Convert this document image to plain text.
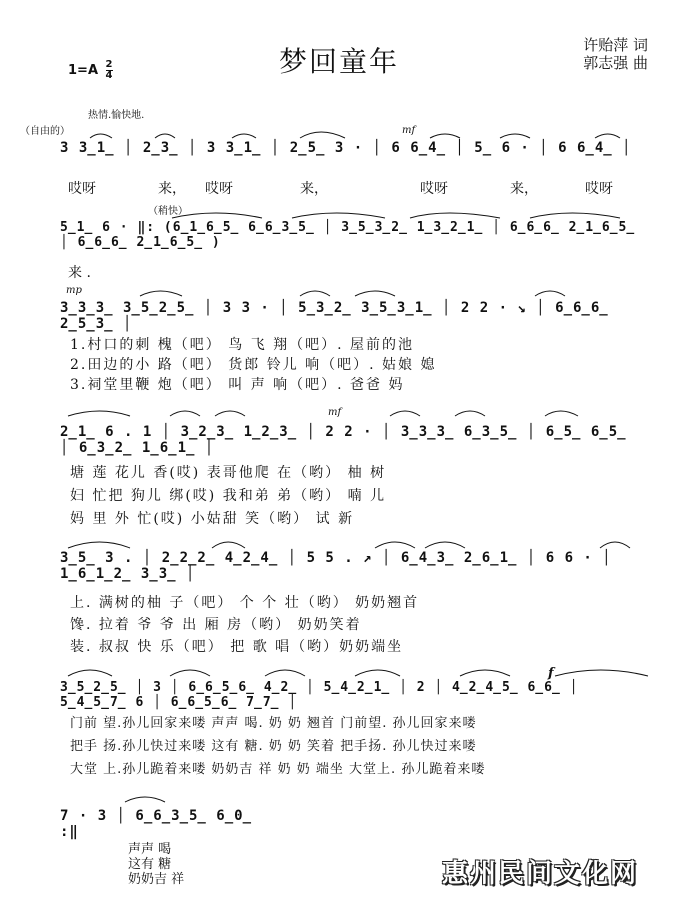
梦回童年	许贻萍 词
郭志强 曲
$1=A \frac{2}{4}$
热情.愉快地.
（自由的）	mf
mp
mf
f
（稍快）
3 3̲1̲ │ 2̲3̲ │ 3 3̲1̲ │ 2̲5̲ 3 · │ 6 6̲4̲ │ 5̲ 6 · │ 6 6̲4̲ │
哎呀	来， 哎呀	来，	哎呀	来，	哎呀
5̲1̲ 6 · ‖: (6̲1̲6̲5̲ 6̲6̲3̲5̲ │ 3̲5̲3̲2̲ 1̲3̲2̲1̲ │ 6̲6̲6̲ 2̲1̲6̲5̲ │ 6̲6̲6̲ 2̲1̲6̲5̲ )
来 .
3̲3̲3̲ 3̲5̲2̲5̲ │ 3 3 · │ 5̲3̲2̲ 3̲5̲3̲1̲ │ 2 2 · ↘ │ 6̲6̲6̲ 2̲5̲3̲ │
1.村口的刺 槐（吧） 鸟 飞 翔（吧）. 屋前的池
2.田边的小 路（吧） 货郎 铃儿 响（吧）. 姑娘 媳
3.祠堂里鞭 炮（吧） 叫 声 响（吧）. 爸爸 妈
2̲1̲ 6 . 1 │ 3̲2̲3̲ 1̲2̲3̲ │ 2 2 · │ 3̲3̲3̲ 6̲3̲5̲ │ 6̲5̲ 6̲5̲ │ 6̲3̲2̲ 1̲6̲1̲ │
塘 莲 花儿 香(哎) 表哥他爬 在（哟） 柚 树
妇 忙把 狗儿 绑(哎) 我和弟 弟（哟） 喃 儿
妈 里 外 忙(哎) 小姑甜 笑（哟） 试 新
3̲5̲ 3 . │ 2̲2̲2̲ 4̲2̲4̲ │ 5 5 . ↗ │ 6̲4̲3̲ 2̲6̲1̲ │ 6 6 · │ 1̲6̲1̲2̲ 3̲3̲ │
上. 满树的柚 子（吧） 个 个 壮（哟） 奶奶翘首
馋. 拉着 爷 爷 出 厢 房（哟） 奶奶笑着
装. 叔叔 快 乐（吧） 把 歌 唱（哟）奶奶端坐
3̲5̲2̲5̲ │ 3 │ 6̲6̲5̲6̲ 4̲2̲ │ 5̲4̲2̲1̲ │ 2 │ 4̲2̲4̲5̲ 6̲6̲ │ 5̲4̲5̲7̲ 6 │ 6̲6̲5̲6̲ 7̲7̲ │
门前 望.孙儿回家来喽 声声 喝. 奶 奶 翘首 门前望. 孙儿回家来喽
把手 扬.孙儿快过来喽 这有 糖. 奶 奶 笑着 把手扬. 孙儿快过来喽
大堂 上.孙儿跪着来喽 奶奶吉 祥 奶 奶 端坐 大堂上. 孙儿跪着来喽
7 · 3 │ 6̲6̲3̲5̲ 6̲0̲ :‖
声声 喝
这有 糖
奶奶吉 祥	惠州民间文化网
